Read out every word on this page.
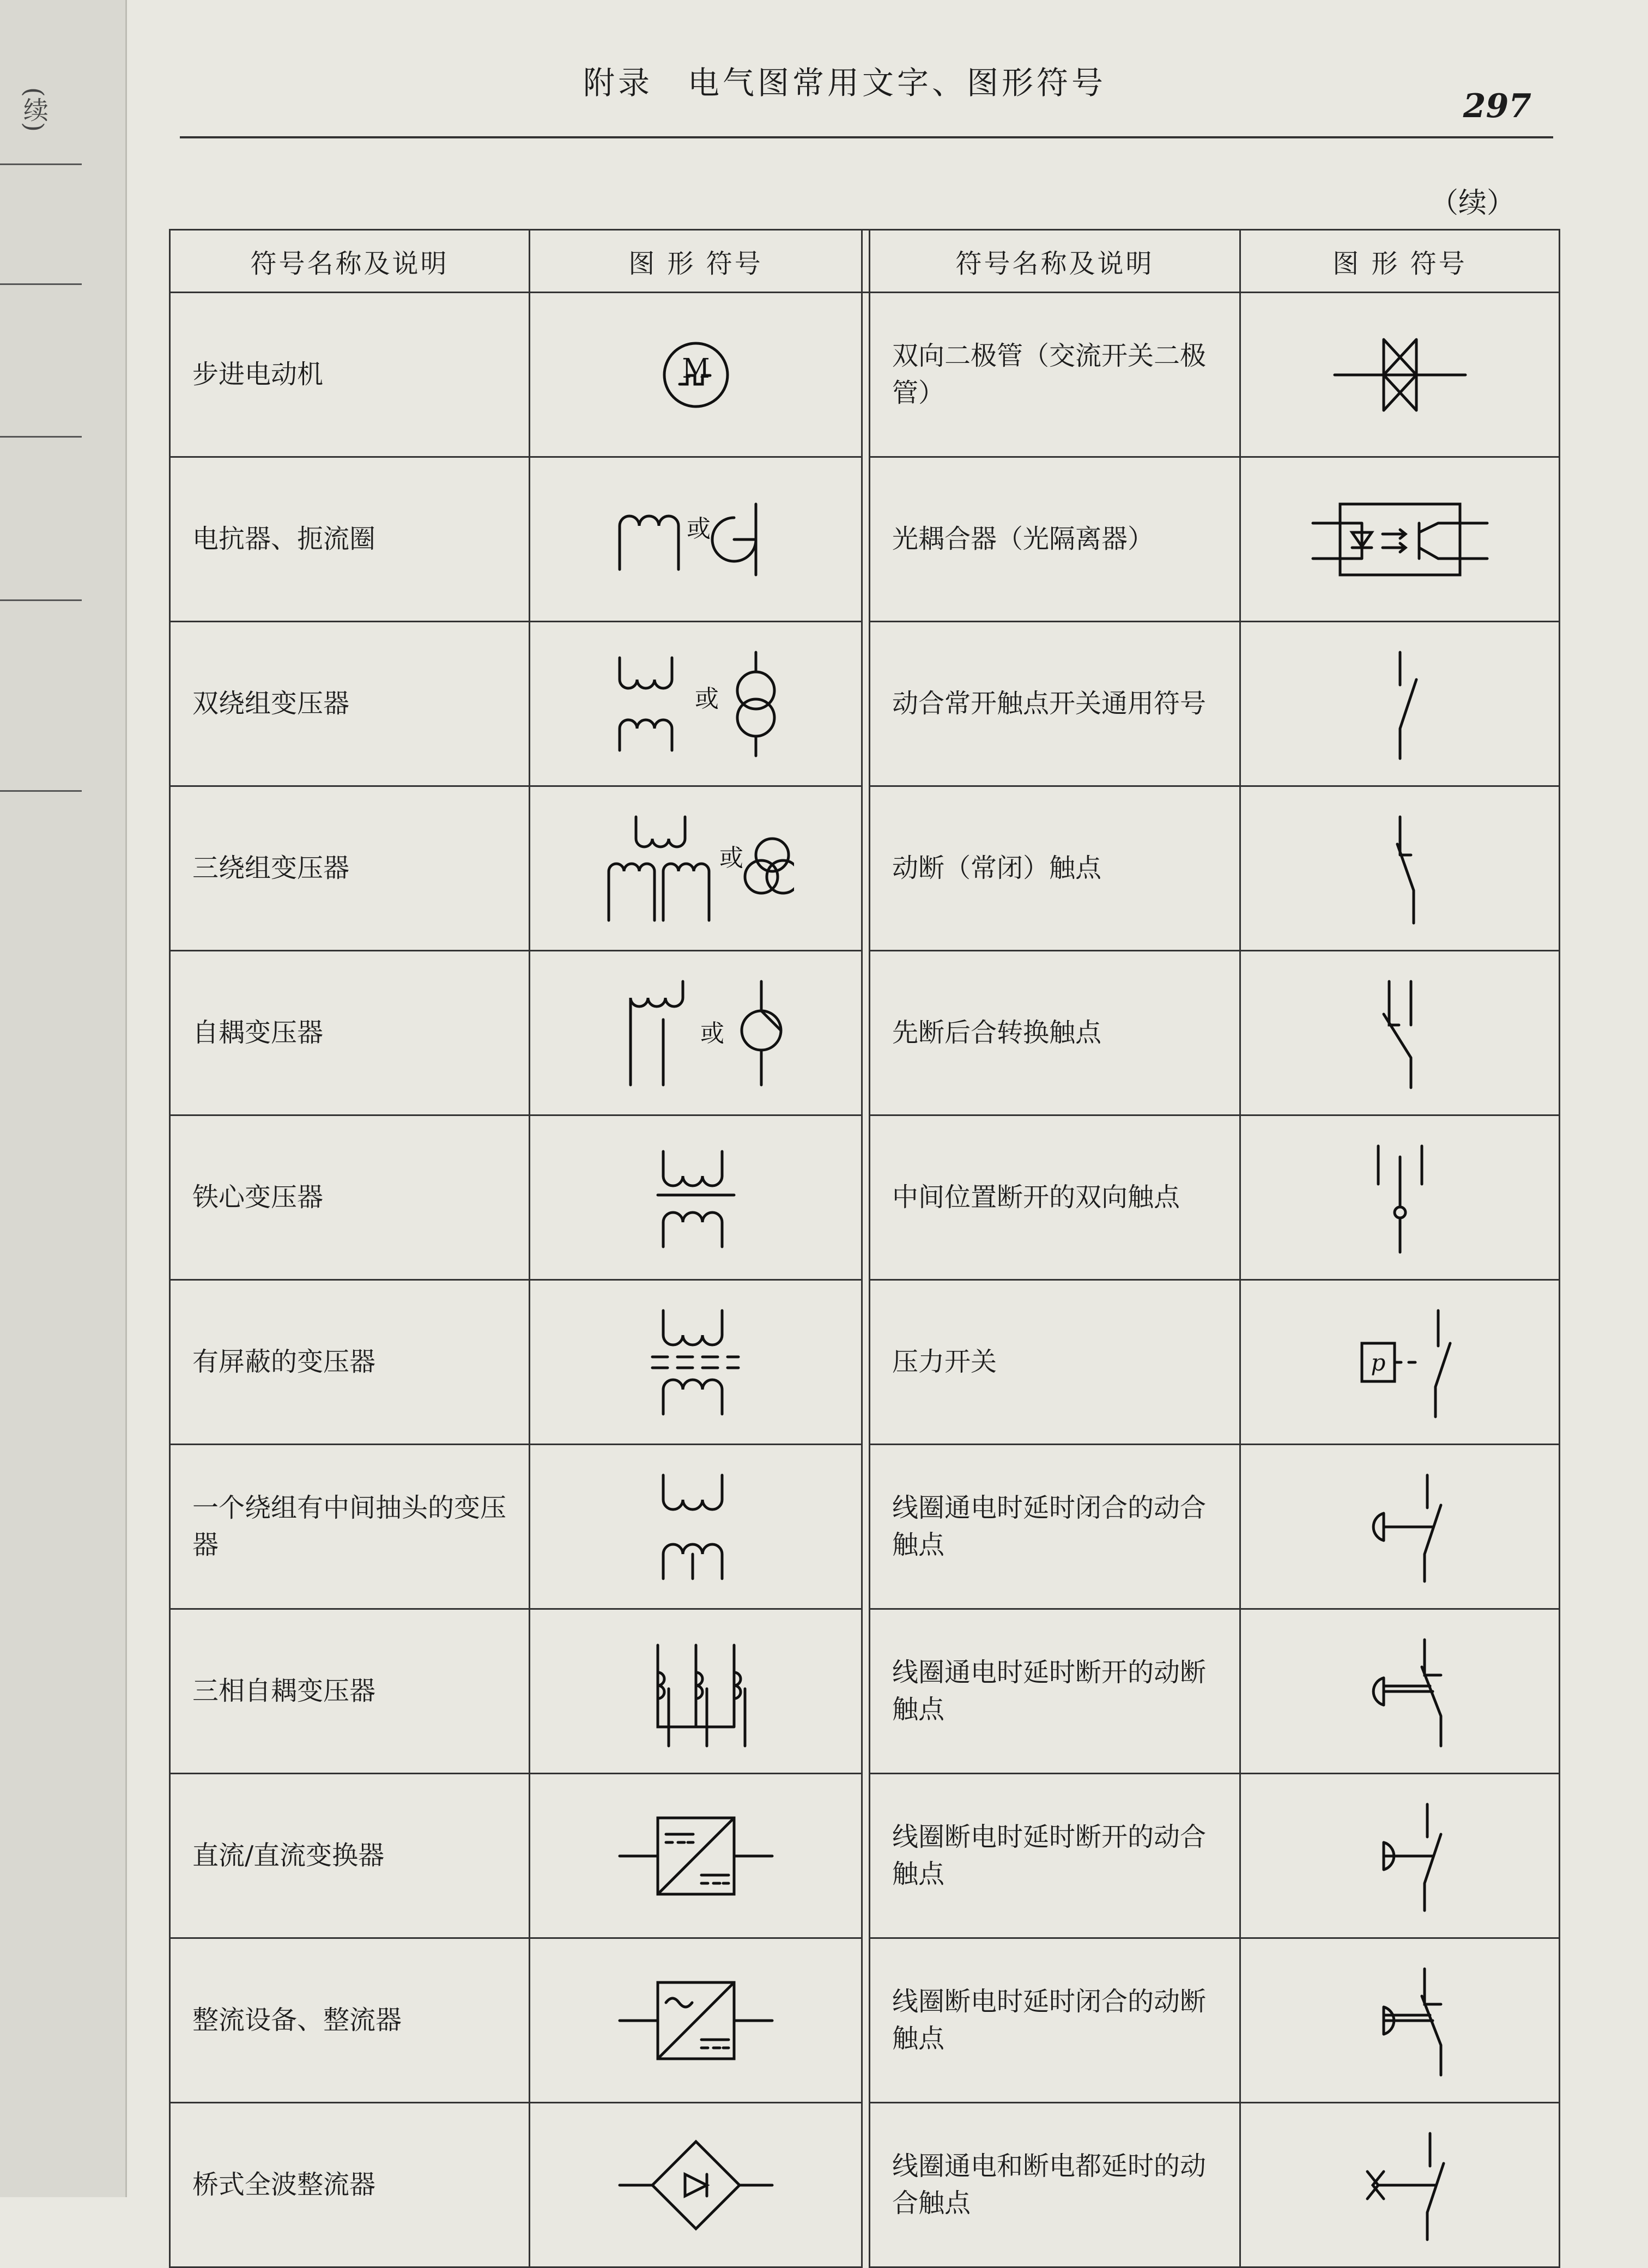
(续)
附录　电气图常用文字、图形符号
297
（续）
符号名称及说明	图 形 符号		符号名称及说明	图 形 符号
步进电动机	M		双向二极管（交流开关二极管）	

电抗器、扼流圈	或		光耦合器（光隔离器）	

双绕组变压器	或		动合常开触点开关通用符号	

三绕组变压器	或		动断（常闭）触点	

自耦变压器	或		先断后合转换触点	

铁心变压器			中间位置断开的双向触点	

有屏蔽的变压器			压力开关	p

一个绕组有中间抽头的变压器			线圈通电时延时闭合的动合触点	

三相自耦变压器			线圈通电时延时断开的动断触点	

直流/直流变换器			线圈断电时延时断开的动合触点	

整流设备、整流器			线圈断电时延时闭合的动断触点	

桥式全波整流器			线圈通电和断电都延时的动合触点	
